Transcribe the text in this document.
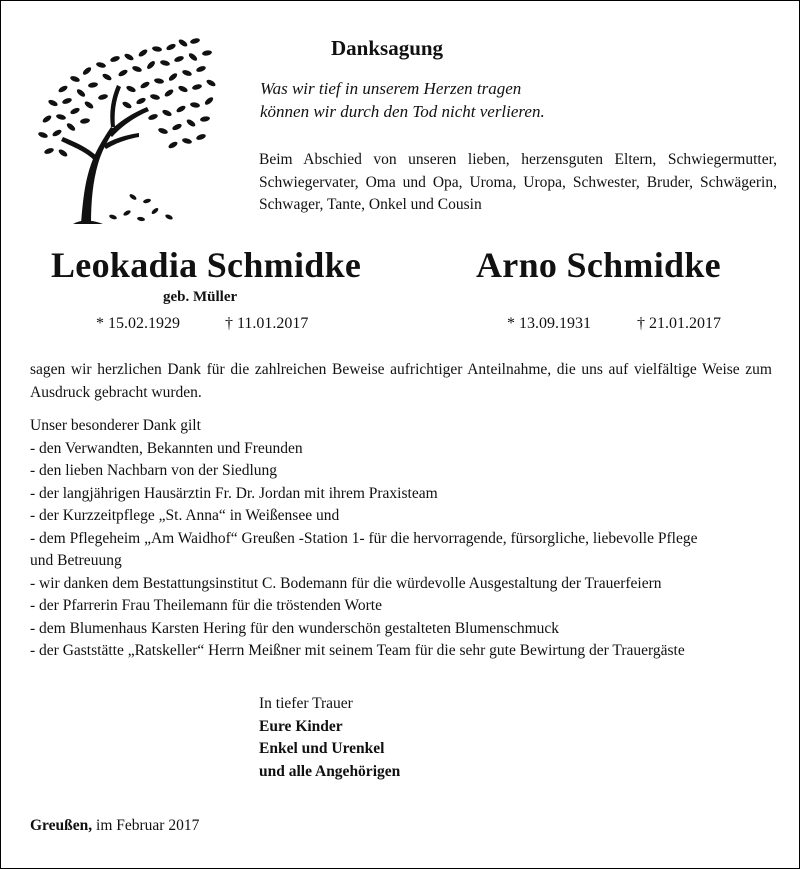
Danksagung
Was wir tief in unserem Herzen tragen
können wir durch den Tod nicht verlieren.
Beim Abschied von unseren lieben, herzensguten Eltern, Schwiegermutter, Schwiegervater, Oma und Opa, Uroma, Uropa, Schwester, Bruder, Schwägerin, Schwager, Tante, Onkel und Cousin
Leokadia Schmidke
geb. Müller
* 15.02.1929	† 11.01.2017
Arno Schmidke
* 13.09.1931	† 21.01.2017
sagen wir herzlichen Dank für die zahlreichen Beweise aufrichtiger Anteilnahme, die uns auf vielfältige Weise zum Ausdruck gebracht wurden.
Unser besonderer Dank gilt
- den Verwandten, Bekannten und Freunden
- den lieben Nachbarn von der Siedlung
- der langjährigen Hausärztin Fr. Dr. Jordan mit ihrem Praxisteam
- der Kurzzeitpflege „St. Anna“ in Weißensee und
- dem Pflegeheim „Am Waidhof“ Greußen -Station 1- für die hervorragende, fürsorgliche, liebevolle Pflege
und Betreuung
- wir danken dem Bestattungsinstitut C. Bodemann für die würdevolle Ausgestaltung der Trauerfeiern
- der Pfarrerin Frau Theilemann für die tröstenden Worte
- dem Blumenhaus Karsten Hering für den wunderschön gestalteten Blumenschmuck
- der Gaststätte „Ratskeller“ Herrn Meißner mit seinem Team für die sehr gute Bewirtung der Trauergäste
In tiefer Trauer
Eure Kinder
Enkel und Urenkel
und alle Angehörigen
Greußen, im Februar 2017
